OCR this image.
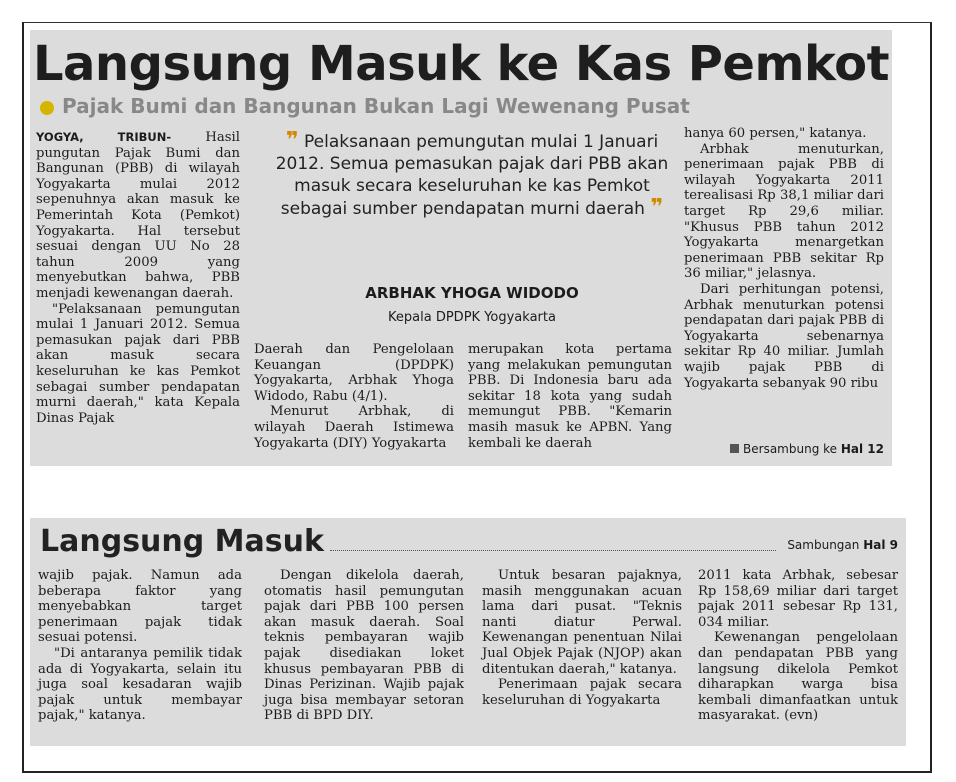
Langsung Masuk ke Kas Pemkot
Pajak Bumi dan Bangunan Bukan Lagi Wewenang Pusat

YOGYA, TRIBUN-	Hasil pungutan Pajak Bumi dan Bangunan (PBB) di wilayah Yogyakarta mulai 2012 sepenuhnya akan masuk ke Pemerintah Kota (Pemkot) Yogyakarta. Hal tersebut sesuai dengan UU No 28 tahun 2009 yang menyebutkan bahwa, PBB menjadi kewenangan daerah.

"Pelaksanaan pemungutan mulai 1 Januari 2012. Semua pemasukan pajak dari PBB akan masuk secara keseluruhan ke kas Pemkot sebagai sumber pendapatan murni daerah," kata Kepala Dinas Pajak

❞ Pelaksanaan pemungutan mulai 1 Januari 2012. Semua pemasukan pajak dari PBB akan masuk secara keseluruhan ke kas Pemkot sebagai sumber pendapatan murni daerah ❞
ARBHAK YHOGA WIDODO
Kepala DPDPK Yogyakarta

Daerah dan Pengelolaan Keuangan (DPDPK) Yogyakarta, Arbhak Yhoga Widodo, Rabu (4/1).

Menurut Arbhak, di wilayah Daerah Istimewa Yogyakarta (DIY) Yogyakarta

merupakan kota pertama yang melakukan pemungutan PBB. Di Indonesia baru ada sekitar 18 kota yang sudah memungut PBB. "Kemarin masih masuk ke APBN. Yang kembali ke daerah

hanya 60 persen," katanya.

Arbhak menuturkan, penerimaan pajak PBB di wilayah Yogyakarta 2011 terealisasi Rp 38,1 miliar dari target Rp 29,6 miliar. "Khusus PBB tahun 2012 Yogyakarta menargetkan penerimaan PBB sekitar Rp 36 miliar," jelasnya.

Dari perhitungan potensi, Arbhak menuturkan potensi pendapatan dari pajak PBB di Yogyakarta sebenarnya sekitar Rp 40 miliar. Jumlah wajib pajak PBB di Yogyakarta sebanyak 90 ribu

Bersambung ke Hal 12
Langsung Masuk	Sambungan Hal 9

wajib pajak. Namun ada beberapa faktor yang menyebabkan target penerimaan pajak tidak sesuai potensi.

"Di antaranya pemilik tidak ada di Yogyakarta, selain itu juga soal kesadaran wajib pajak untuk membayar pajak," katanya.

Dengan dikelola daerah, otomatis hasil pemungutan pajak dari PBB 100 persen akan masuk daerah. Soal teknis pembayaran wajib pajak disediakan loket khusus pembayaran PBB di Dinas Perizinan. Wajib pajak juga bisa membayar setoran PBB di BPD DIY.

Untuk besaran pajaknya, masih menggunakan acuan lama dari pusat. "Teknis nanti diatur Perwal. Kewenangan penentuan Nilai Jual Objek Pajak (NJOP) akan ditentukan daerah," katanya.

Penerimaan pajak secara keseluruhan di Yogyakarta

2011 kata Arbhak, sebesar Rp 158,69 miliar dari target pajak 2011 sebesar Rp 131, 034 miliar.

Kewenangan pengelolaan dan pendapatan PBB yang langsung dikelola Pemkot diharapkan warga bisa kembali dimanfaatkan untuk masyarakat. (evn)
